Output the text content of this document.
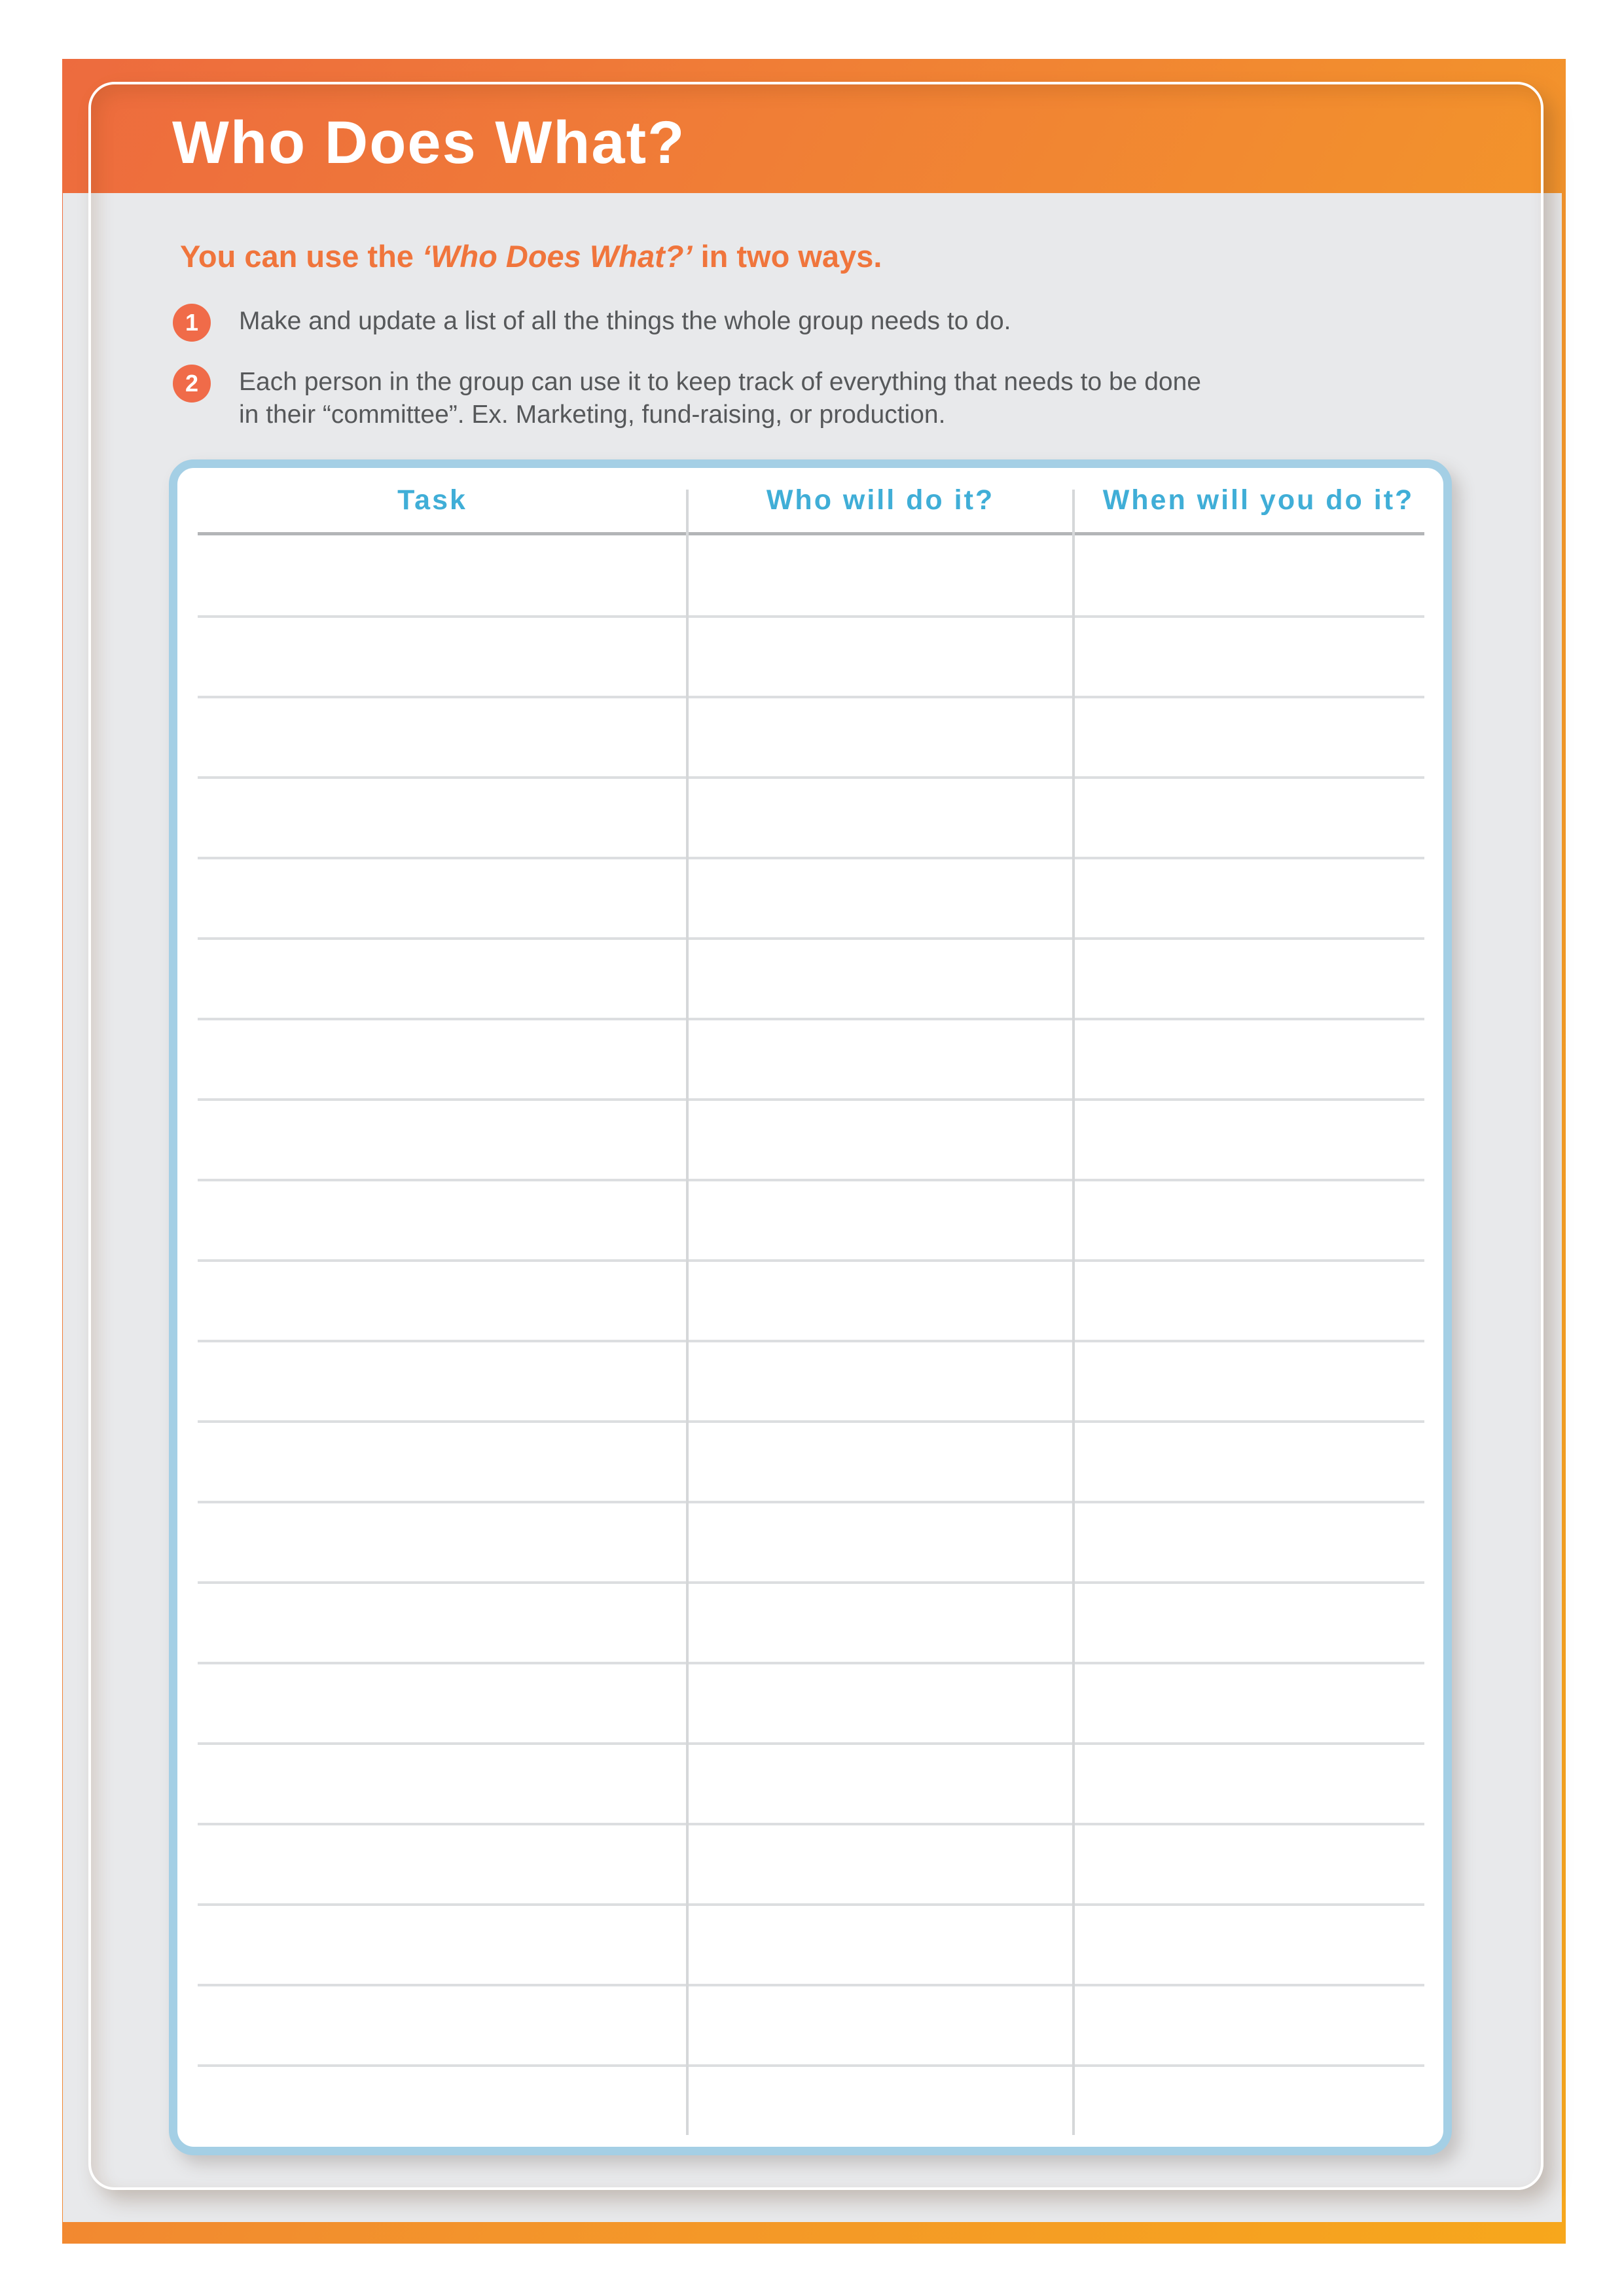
Who Does What?
You can use the ‘Who Does What?’ in two ways.
1 Make and update a list of all the things the whole group needs to do.
2 Each person in the group can use it to keep track of everything that needs to be done
in their “committee”. Ex. Marketing, fund-raising, or production.
Task	Who will do it?	When will you do it?
